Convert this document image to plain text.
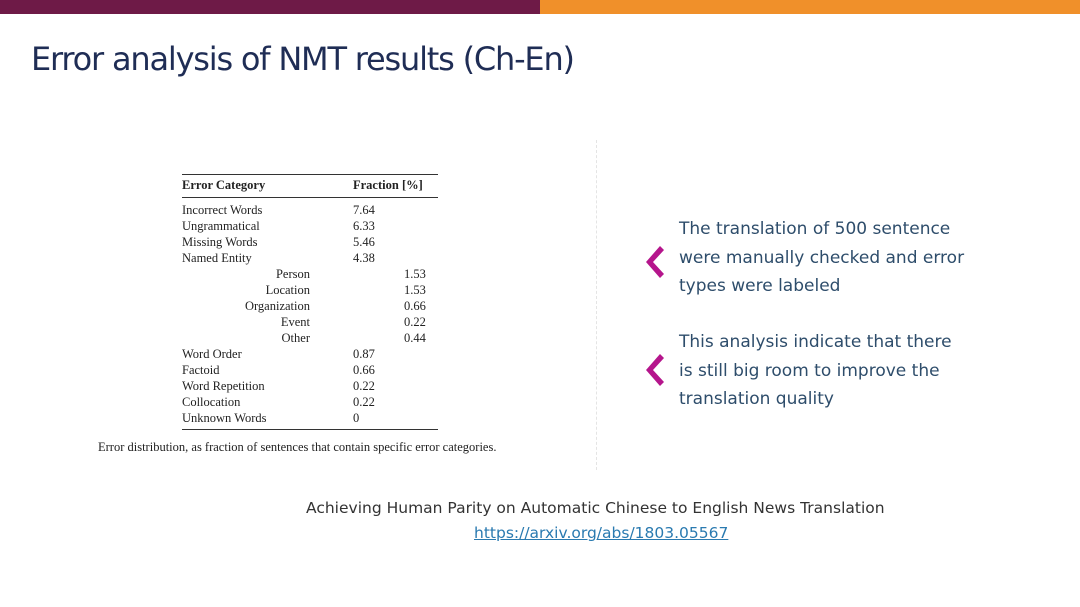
Error analysis of NMT results (Ch-En)
Error Category	Fraction [%]
Incorrect Words	7.64
Ungrammatical	6.33
Missing Words	5.46
Named Entity	4.38
Person	1.53
Location	1.53
Organization	0.66
Event	0.22
Other	0.44
Word Order	0.87
Factoid	0.66
Word Repetition	0.22
Collocation	0.22
Unknown Words	0
Error distribution, as fraction of sentences that contain specific error categories.
The translation of 500 sentence were manually checked and error types were labeled
This analysis indicate that there is still big room to improve the translation quality
Achieving Human Parity on Automatic Chinese to English News Translation
https://arxiv.org/abs/1803.05567
